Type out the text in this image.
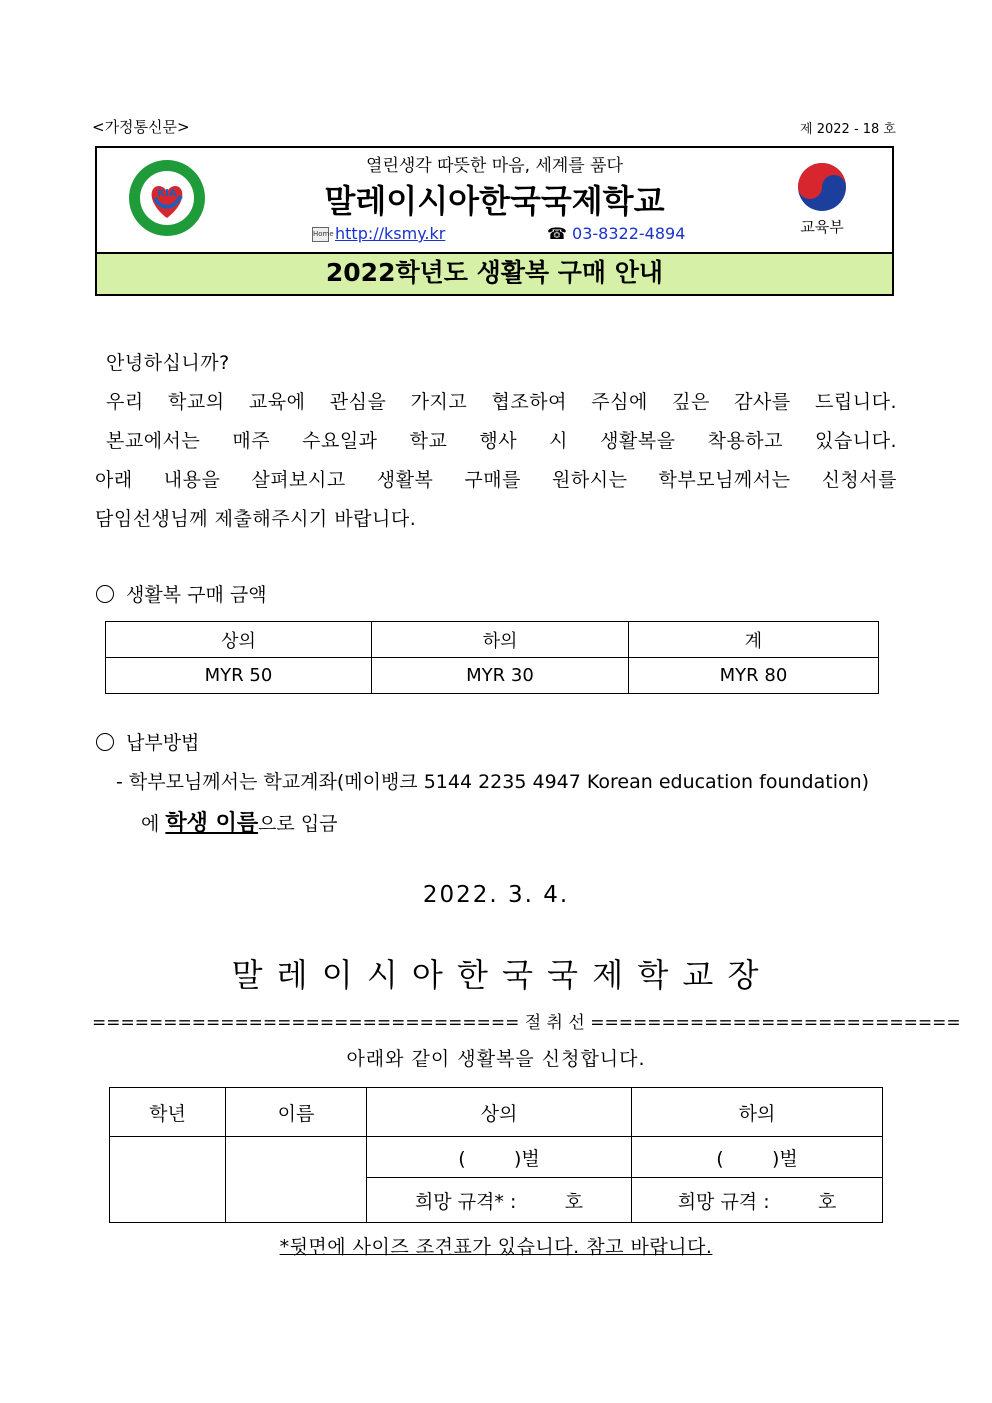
<가정통신문>	제 2022 - 18 호
KIA
열린생각 따뜻한 마음, 세계를 품다
말레이시아한국국제학교
Homehttp://ksmy.kr	☎ 03-8322-4894	교육부
2022학년도 생활복 구매 안내
안녕하십니까?
우리 학교의 교육에 관심을 가지고 협조하여 주심에 깊은 감사를 드립니다.
본교에서는 매주 수요일과 학교 행사 시 생활복을 착용하고 있습니다.
아래 내용을 살펴보시고 생활복 구매를 원하시는 학부모님께서는 신청서를
담임선생님께 제출해주시기 바랍니다.
생활복 구매 금액
상의	하의	계
MYR 50	MYR 30	MYR 80
납부방법
- 학부모님께서는 학교계좌(메이뱅크 5144 2235 4947 Korean education foundation)
에 학생 이름으로 입금
2022. 3. 4.
말 레 이 시 아 한 국 국 제 학 교 장
============================== 절 취 선 ==========================
아래와 같이 생활복을 신청합니다.
학년	이름	상의	하의
		(        )벌	(        )벌
		희망 규격* :        호	희망 규격 :        호
*뒷면에 사이즈 조견표가 있습니다. 참고 바랍니다.
